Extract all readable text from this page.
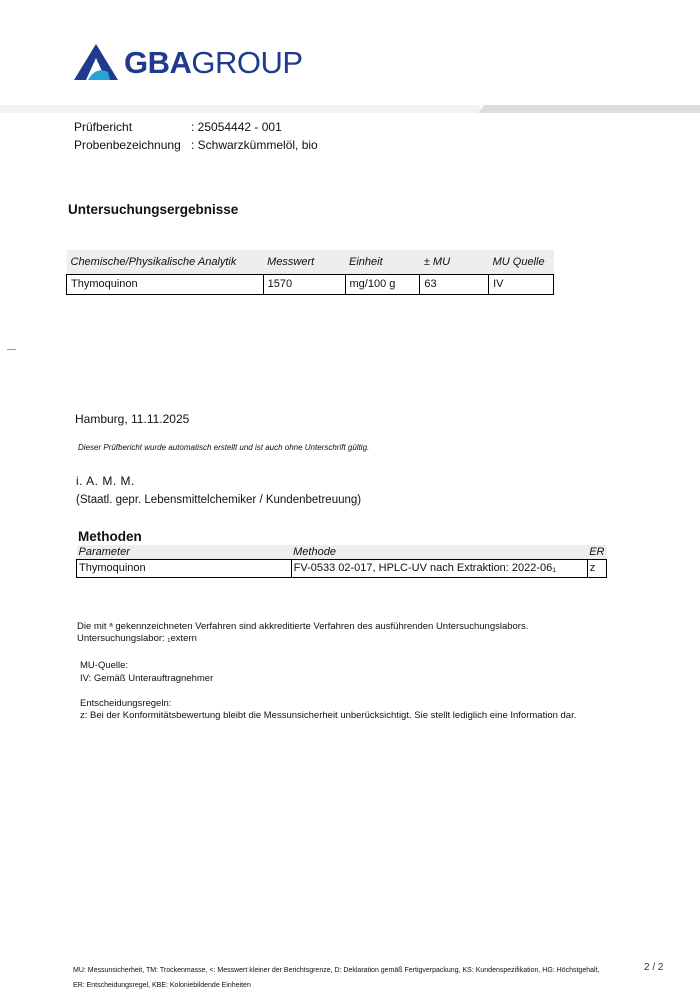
GBAGROUP
Prüfbericht	: 25054442 - 001
Probenbezeichnung : Schwarzkümmelöl, bio
Untersuchungsergebnisse
Chemische/Physikalische Analytik	Messwert	Einheit	± MU	MU Quelle
Thymoquinon	1570	mg/100 g	63	IV
Hamburg, 11.11.2025
Dieser Prüfbericht wurde automatisch erstellt und ist auch ohne Unterschrift gültig.
i. A. M. M.
(Staatl. gepr. Lebensmittelchemiker / Kundenbetreuung)
Methoden
Parameter	Methode	ER
Thymoquinon	FV-0533 02-017, HPLC-UV nach Extraktion: 2022-06₁	z
Die mit ᵃ gekennzeichneten Verfahren sind akkreditierte Verfahren des ausführenden Untersuchungslabors.
Untersuchungslabor: ₁extern
MU-Quelle:
IV: Gemäß Unterauftragnehmer
Entscheidungsregeln:
z: Bei der Konformitätsbewertung bleibt die Messunsicherheit unberücksichtigt. Sie stellt lediglich eine Information dar.
MU: Messunsicherheit, TM: Trockenmasse, <: Messwert kleiner der Berichtsgrenze, D: Deklaration gemäß Fertigverpackung, KS: Kundenspezifikation, HG: Höchstgehalt,
ER: Entscheidungsregel, KBE: Koloniebildende Einheiten
2 / 2
